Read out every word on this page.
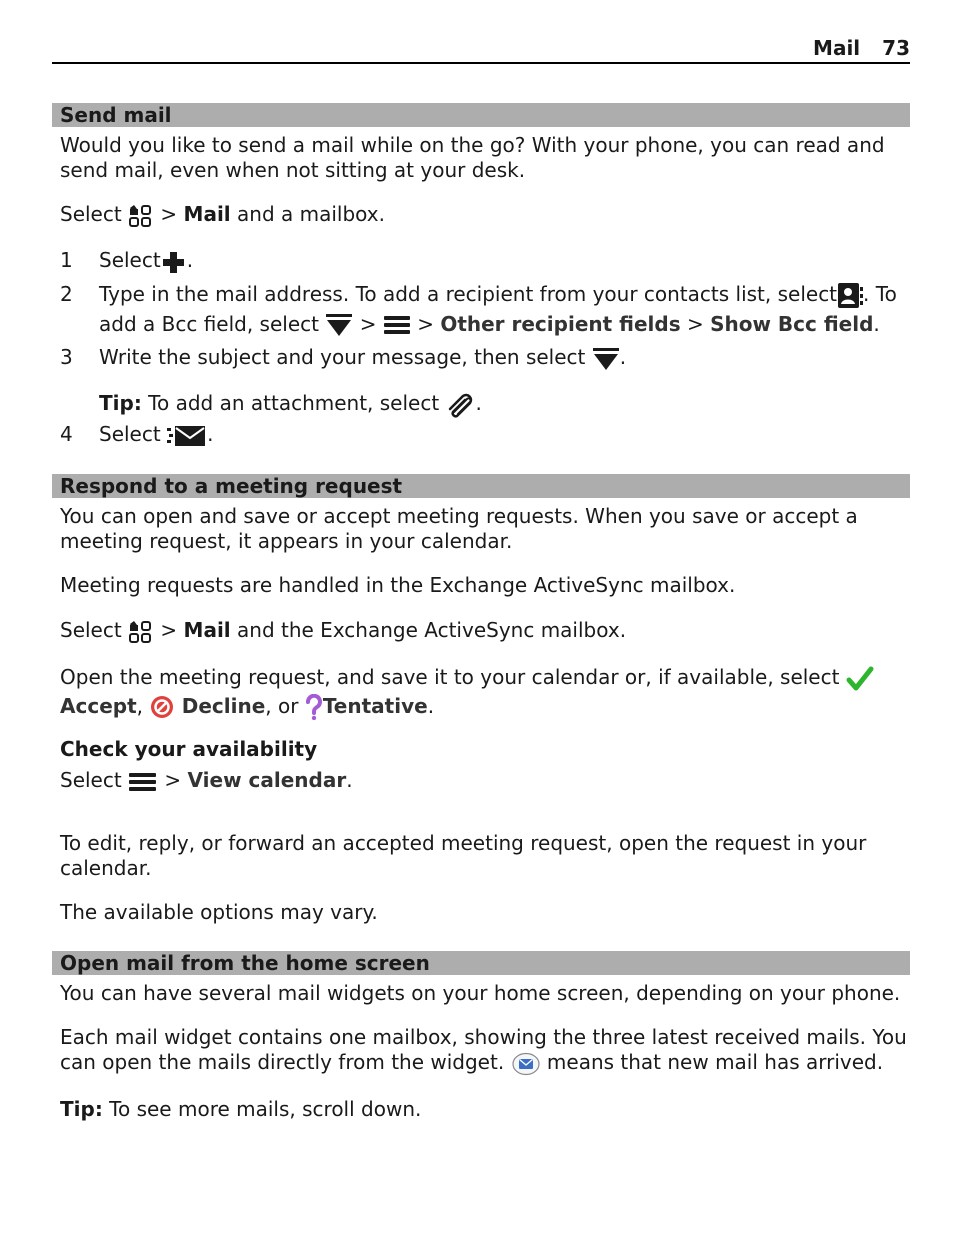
Mail 73
Send mail
Would you like to send a mail while on the go? With your phone, you can read and send mail, even when not sitting at your desk.
Select > Mail and a mailbox.
1 Select .
2 Type in the mail address. To add a recipient from your contacts list, select . To add a Bcc field, select > > Other recipient fields > Show Bcc field.
3 Write the subject and your message, then select .
Tip: To add an attachment, select .
4 Select .
Respond to a meeting request
You can open and save or accept meeting requests. When you save or accept a meeting request, it appears in your calendar.
Meeting requests are handled in the Exchange ActiveSync mailbox.
Select > Mail and the Exchange ActiveSync mailbox.
Open the meeting request, and save it to your calendar or, if available, select

Accept, Decline, or Tentative.
Check your availability
Select > View calendar.
To edit, reply, or forward an accepted meeting request, open the request in your calendar.
The available options may vary.
Open mail from the home screen
You can have several mail widgets on your home screen, depending on your phone.
Each mail widget contains one mailbox, showing the three latest received mails. You can open the mails directly from the widget. means that new mail has arrived.
Tip: To see more mails, scroll down.
